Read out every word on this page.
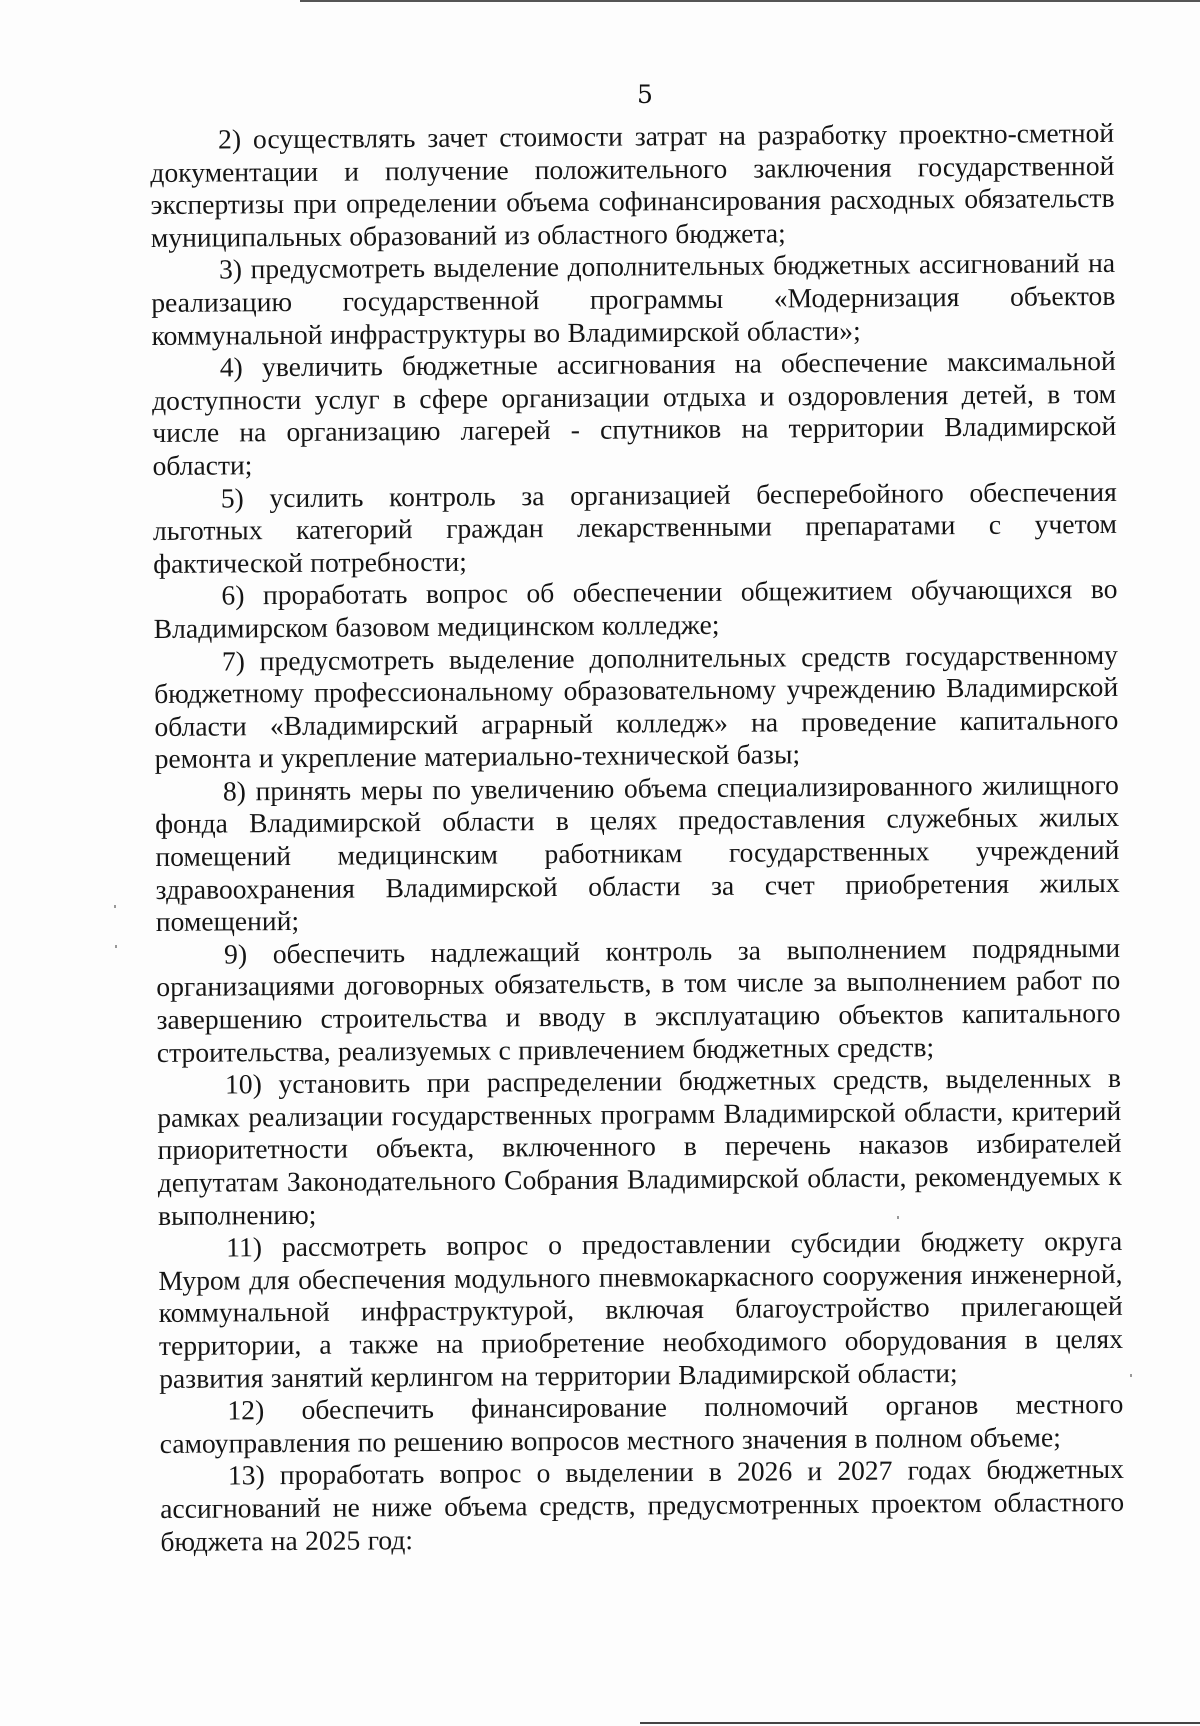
5

2) осуществлять зачет стоимости затрат на разработку проектно-сметной документации и получение положительного заключения государственной экспертизы при определении объема софинансирования расходных обязательств муниципальных образований из областного бюджета;

3) предусмотреть выделение дополнительных бюджетных ассигнований на реализацию государственной программы «Модернизация объектов коммунальной инфраструктуры во Владимирской области»;

4) увеличить бюджетные ассигнования на обеспечение максимальной доступности услуг в сфере организации отдыха и оздоровления детей, в том числе на организацию лагерей - спутников на территории Владимирской области;

5) усилить контроль за организацией бесперебойного обеспечения льготных категорий граждан лекарственными препаратами с учетом фактической потребности;

6) проработать вопрос об обеспечении общежитием обучающихся во Владимирском базовом медицинском колледже;

7) предусмотреть выделение дополнительных средств государственному бюджетному профессиональному образовательному учреждению Владимирской области «Владимирский аграрный колледж» на проведение капитального ремонта и укрепление материально-технической базы;

8) принять меры по увеличению объема специализированного жилищного фонда Владимирской области в целях предоставления служебных жилых помещений медицинским работникам государственных учреждений здравоохранения Владимирской области за счет приобретения жилых помещений;

9) обеспечить надлежащий контроль за выполнением подрядными организациями договорных обязательств, в том числе за выполнением работ по завершению строительства и вводу в эксплуатацию объектов капитального строительства, реализуемых с привлечением бюджетных средств;

10) установить при распределении бюджетных средств, выделенных в рамках реализации государственных программ Владимирской области, критерий приоритетности объекта, включенного в перечень наказов избирателей депутатам Законодательного Собрания Владимирской области, рекомендуемых к выполнению;

11) рассмотреть вопрос о предоставлении субсидии бюджету округа Муром для обеспечения модульного пневмокаркасного сооружения инженерной, коммунальной инфраструктурой, включая благоустройство прилегающей территории, а также на приобретение необходимого оборудования в целях развития занятий керлингом на территории Владимирской области;

12) обеспечить финансирование полномочий органов местного самоуправления по решению вопросов местного значения в полном объеме;

13) проработать вопрос о выделении в 2026 и 2027 годах бюджетных ассигнований не ниже объема средств, предусмотренных проектом областного бюджета на 2025 год:
